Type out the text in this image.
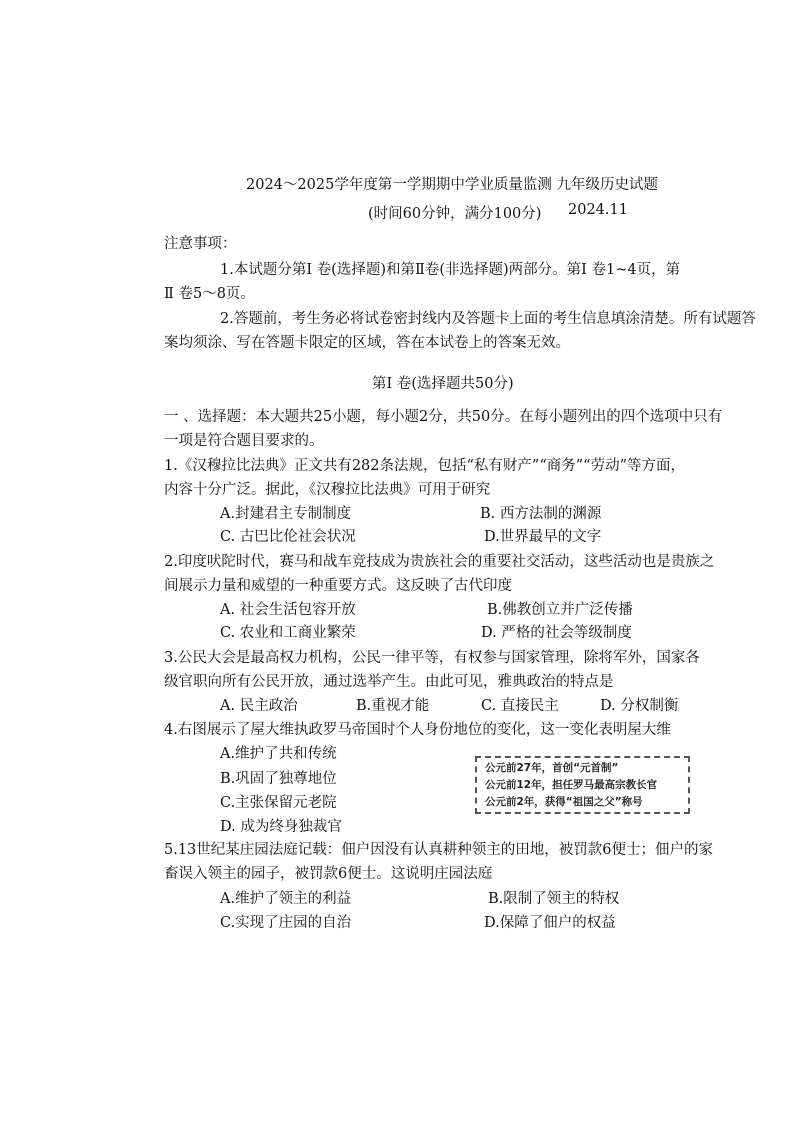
2024～2025学年度第一学期期中学业质量监测 九年级历史试题
(时间60分钟，满分100分) 2024.11
注意事项：
1.本试题分第Ⅰ 卷(选择题)和第Ⅱ卷(非选择题)两部分。第Ⅰ 卷1~4页，第
Ⅱ 卷5～8页。
2.答题前，考生务必将试卷密封线内及答题卡上面的考生信息填涂清楚。所有试题答
案均须涂、写在答题卡限定的区域，答在本试卷上的答案无效。
第Ⅰ 卷(选择题共50分)
一 、选择题：本大题共25小题，每小题2分，共50分。在每小题列出的四个选项中只有
一项是符合题目要求的。
1.《汉穆拉比法典》正文共有282条法规，包括“私有财产”“商务”“劳动”等方面，
内容十分广泛。据此，《汉穆拉比法典》可用于研究
A.封建君主专制制度	B. 西方法制的渊源
C. 古巴比伦社会状况	D.世界最早的文字
2.印度吠陀时代，赛马和战车竞技成为贵族社会的重要社交活动，这些活动也是贵族之
间展示力量和威望的一种重要方式。这反映了古代印度
A. 社会生活包容开放	B.佛教创立并广泛传播
C. 农业和工商业繁荣	D. 严格的社会等级制度
3.公民大会是最高权力机构，公民一律平等，有权参与国家管理，除将军外，国家各
级官职向所有公民开放，通过选举产生。由此可见，雅典政治的特点是
A. 民主政治	B.重视才能	C. 直接民主	D. 分权制衡
4.右图展示了屋大维执政罗马帝国时个人身份地位的变化，这一变化表明屋大维
A.维护了共和传统
B.巩固了独尊地位
C.主张保留元老院
D. 成为终身独裁官
公元前27年，首创“元首制”
公元前12年，担任罗马最高宗教长官
公元前2年，获得“祖国之父”称号
5.13世纪某庄园法庭记载：佃户因没有认真耕种领主的田地，被罚款6便士；佃户的家
畜误入领主的园子，被罚款6便士。这说明庄园法庭
A.维护了领主的利益	B.限制了领主的特权
C.实现了庄园的自治	D.保障了佃户的权益
